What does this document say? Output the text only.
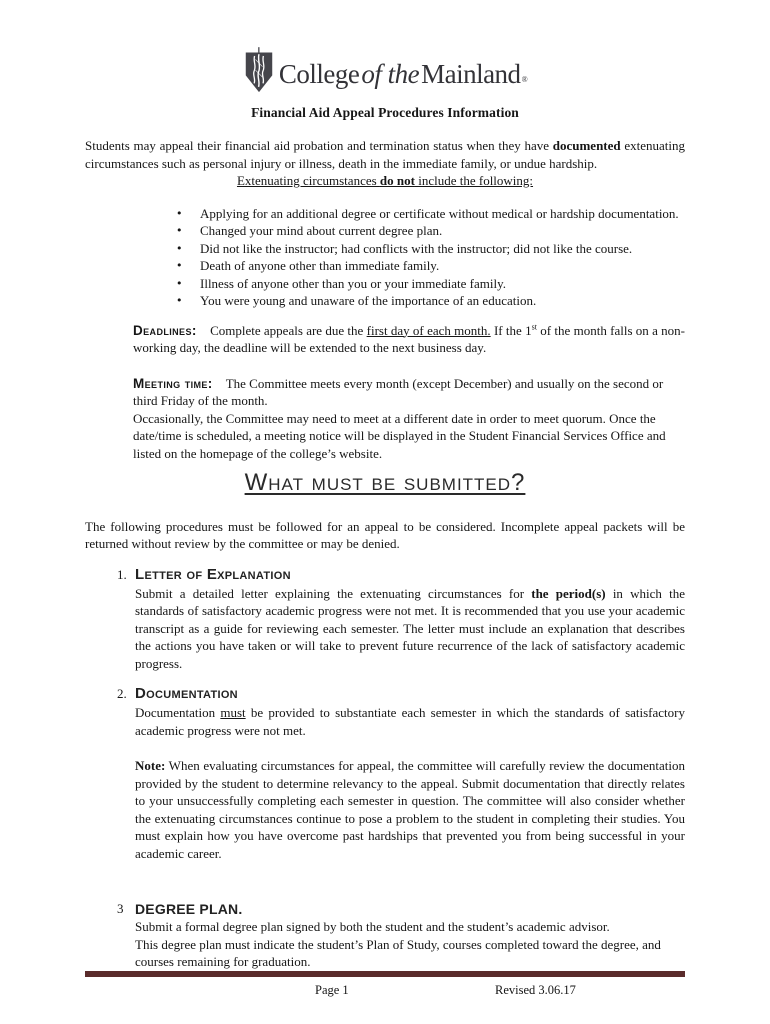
Collegeof theMainland®
Financial Aid Appeal Procedures Information

Students may appeal their financial aid probation and termination status when they have documented extenuating circumstances such as personal injury or illness, death in the immediate family, or undue hardship.

Extenuating circumstances do not include the following:

•	Applying for an additional degree or certificate without medical or hardship documentation.
•	Changed your mind about current degree plan.
•	Did not like the instructor; had conflicts with the instructor; did not like the course.
•	Death of anyone other than immediate family.
•	Illness of anyone other than you or your immediate family.
•	You were young and unaware of the importance of an education.

Deadlines: Complete appeals are due the first day of each month. If the 1st of the month falls on a non-working day, the deadline will be extended to the next business day.

Meeting time: The Committee meets every month (except December) and usually on the second or third Friday of the month.

Occasionally, the Committee may need to meet at a different date in order to meet quorum. Once the date/time is scheduled, a meeting notice will be displayed in the Student Financial Services Office and listed on the homepage of the college’s website.

What must be submitted?

The following procedures must be followed for an appeal to be considered. Incomplete appeal packets will be returned without review by the committee or may be denied.

1. Letter of Explanation

Submit a detailed letter explaining the extenuating circumstances for the period(s) in which the standards of satisfactory academic progress were not met. It is recommended that you use your academic transcript as a guide for reviewing each semester. The letter must include an explanation that describes the actions you have taken or will take to prevent future recurrence of the lack of satisfactory academic progress.

2. Documentation

Documentation must be provided to substantiate each semester in which the standards of satisfactory academic progress were not met.

Note: When evaluating circumstances for appeal, the committee will carefully review the documentation provided by the student to determine relevancy to the appeal. Submit documentation that directly relates to your unsuccessfully completing each semester in question. The committee will also consider whether the extenuating circumstances continue to pose a problem to the student in completing their studies. You must explain how you have overcome past hardships that prevented you from being successful in your academic career.

3 DEGREE PLAN.

Submit a formal degree plan signed by both the student and the student’s academic advisor.

This degree plan must indicate the student’s Plan of Study, courses completed toward the degree, and courses remaining for graduation.

Page 1	Revised 3.06.17
